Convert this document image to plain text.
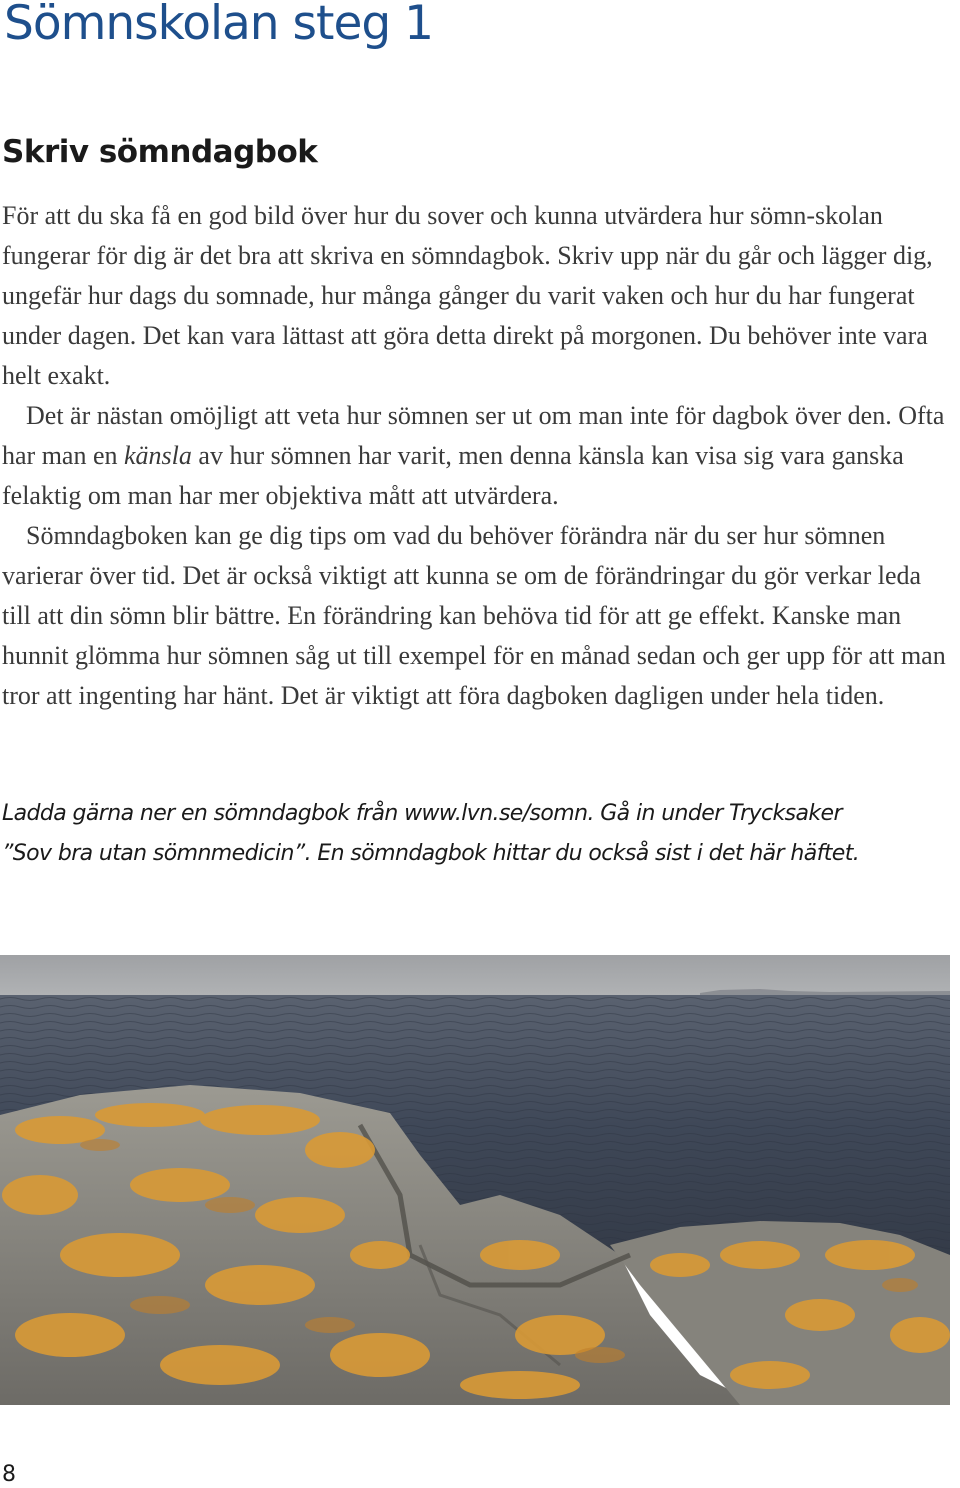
Sömnskolan steg 1
Skriv sömndagbok

För att du ska få en god bild över hur du sover och kunna utvärdera hur sömn-skolan fungerar för dig är det bra att skriva en sömndagbok. Skriv upp när du går och lägger dig, ungefär hur dags du somnade, hur många gånger du varit vaken och hur du har fungerat under dagen. Det kan vara lättast att göra detta direkt på morgonen. Du behöver inte vara helt exakt.

Det är nästan omöjligt att veta hur sömnen ser ut om man inte för dagbok över den. Ofta har man en känsla av hur sömnen har varit, men denna känsla kan visa sig vara ganska felaktig om man har mer objektiva mått att utvärdera.

Sömndagboken kan ge dig tips om vad du behöver förändra när du ser hur sömnen varierar över tid. Det är också viktigt att kunna se om de förändringar du gör verkar leda till att din sömn blir bättre. En förändring kan behöva tid för att ge effekt. Kanske man hunnit glömma hur sömnen såg ut till exempel för en månad sedan och ger upp för att man tror att ingenting har hänt. Det är viktigt att föra dagboken dagligen under hela tiden.

Ladda gärna ner en sömndagbok från www.lvn.se/somn. Gå in under Trycksaker

”Sov bra utan sömnmedicin”. En sömndagbok hittar du också sist i det här häftet.

8
